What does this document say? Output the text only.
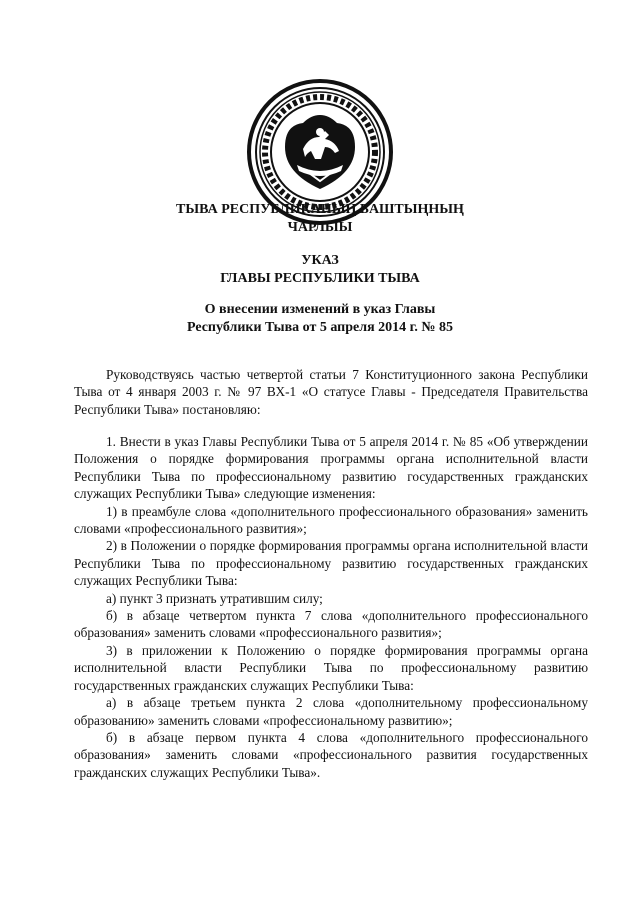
ТЫВА РЕСПУБЛИКАНЫҢ БАШТЫҢНЫҢ
ЧАРЛЫЫ
УКАЗ
ГЛАВЫ РЕСПУБЛИКИ ТЫВА
О внесении изменений в указ Главы
Республики Тыва от 5 апреля 2014 г. № 85

Руководствуясь частью четвертой статьи 7 Конституционного закона Республики Тыва от 4 января 2003 г. № 97 ВХ-1 «О статусе Главы - Председателя Правительства Республики Тыва» постановляю:

1. Внести в указ Главы Республики Тыва от 5 апреля 2014 г. № 85 «Об утверждении Положения о порядке формирования программы органа исполнительной власти Республики Тыва по профессиональному развитию государственных гражданских служащих Республики Тыва» следующие изменения:

1) в преамбуле слова «дополнительного профессионального образования» заменить словами «профессионального развития»;

2) в Положении о порядке формирования программы органа исполнительной власти Республики Тыва по профессиональному развитию государственных гражданских служащих Республики Тыва:

а) пункт 3 признать утратившим силу;

б) в абзаце четвертом пункта 7 слова «дополнительного профессионального образования» заменить словами «профессионального развития»;

3) в приложении к Положению о порядке формирования программы органа исполнительной власти Республики Тыва по профессиональному развитию государственных гражданских служащих Республики Тыва:

а) в абзаце третьем пункта 2 слова «дополнительному профессиональному образованию» заменить словами «профессиональному развитию»;

б) в абзаце первом пункта 4 слова «дополнительного профессионального образования» заменить словами «профессионального развития государственных гражданских служащих Республики Тыва».
